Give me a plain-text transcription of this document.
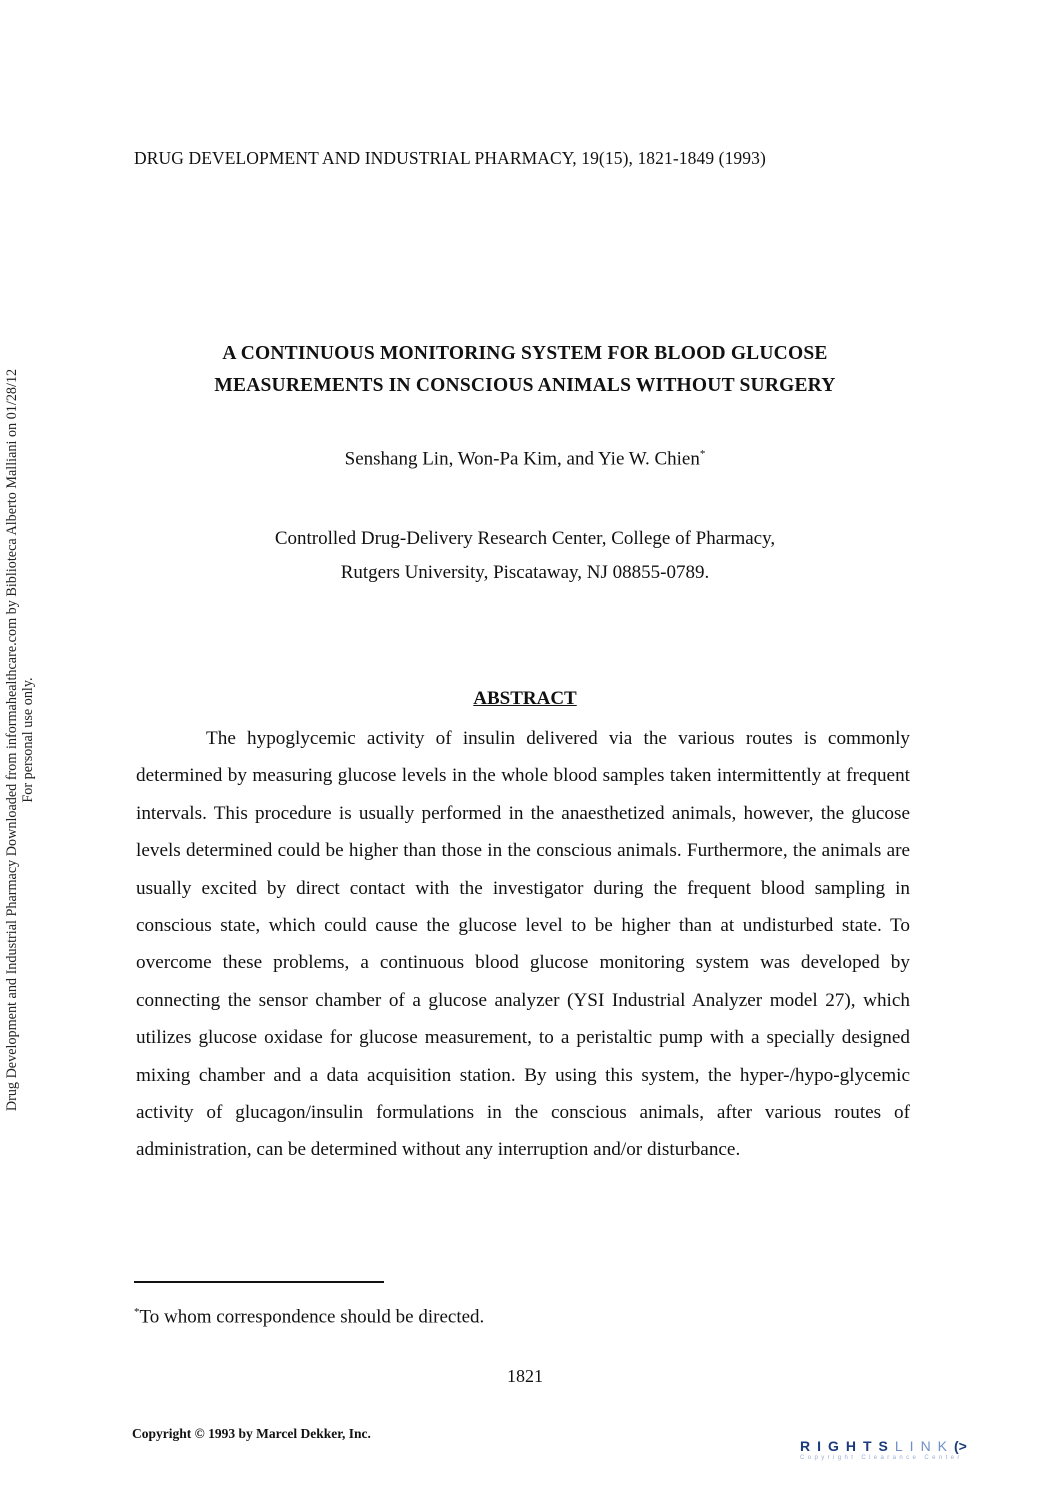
DRUG DEVELOPMENT AND INDUSTRIAL PHARMACY, 19(15), 1821-1849 (1993)
Drug Development and Industrial Pharmacy Downloaded from informahealthcare.com by Biblioteca Alberto Malliani on 01/28/12 For personal use only.
A CONTINUOUS MONITORING SYSTEM FOR BLOOD GLUCOSE
MEASUREMENTS IN CONSCIOUS ANIMALS WITHOUT SURGERY
Senshang Lin, Won-Pa Kim, and Yie W. Chien*
Controlled Drug-Delivery Research Center, College of Pharmacy,
Rutgers University, Piscataway, NJ 08855-0789.
ABSTRACT
The hypoglycemic activity of insulin delivered via the various routes is commonly determined by measuring glucose levels in the whole blood samples taken intermittently at frequent intervals. This procedure is usually performed in the anaesthetized animals, however, the glucose levels determined could be higher than those in the conscious animals. Furthermore, the animals are usually excited by direct contact with the investigator during the frequent blood sampling in conscious state, which could cause the glucose level to be higher than at undisturbed state. To overcome these problems, a continuous blood glucose monitoring system was developed by connecting the sensor chamber of a glucose analyzer (YSI Industrial Analyzer model 27), which utilizes glucose oxidase for glucose measurement, to a peristaltic pump with a specially designed mixing chamber and a data acquisition station. By using this system, the hyper-/hypo-glycemic activity of glucagon/insulin formulations in the conscious animals, after various routes of administration, can be determined without any interruption and/or disturbance.
*To whom correspondence should be directed.
1821
Copyright © 1993 by Marcel Dekker, Inc.
RIGHTSLINK(>
Copyright Clearance Center
